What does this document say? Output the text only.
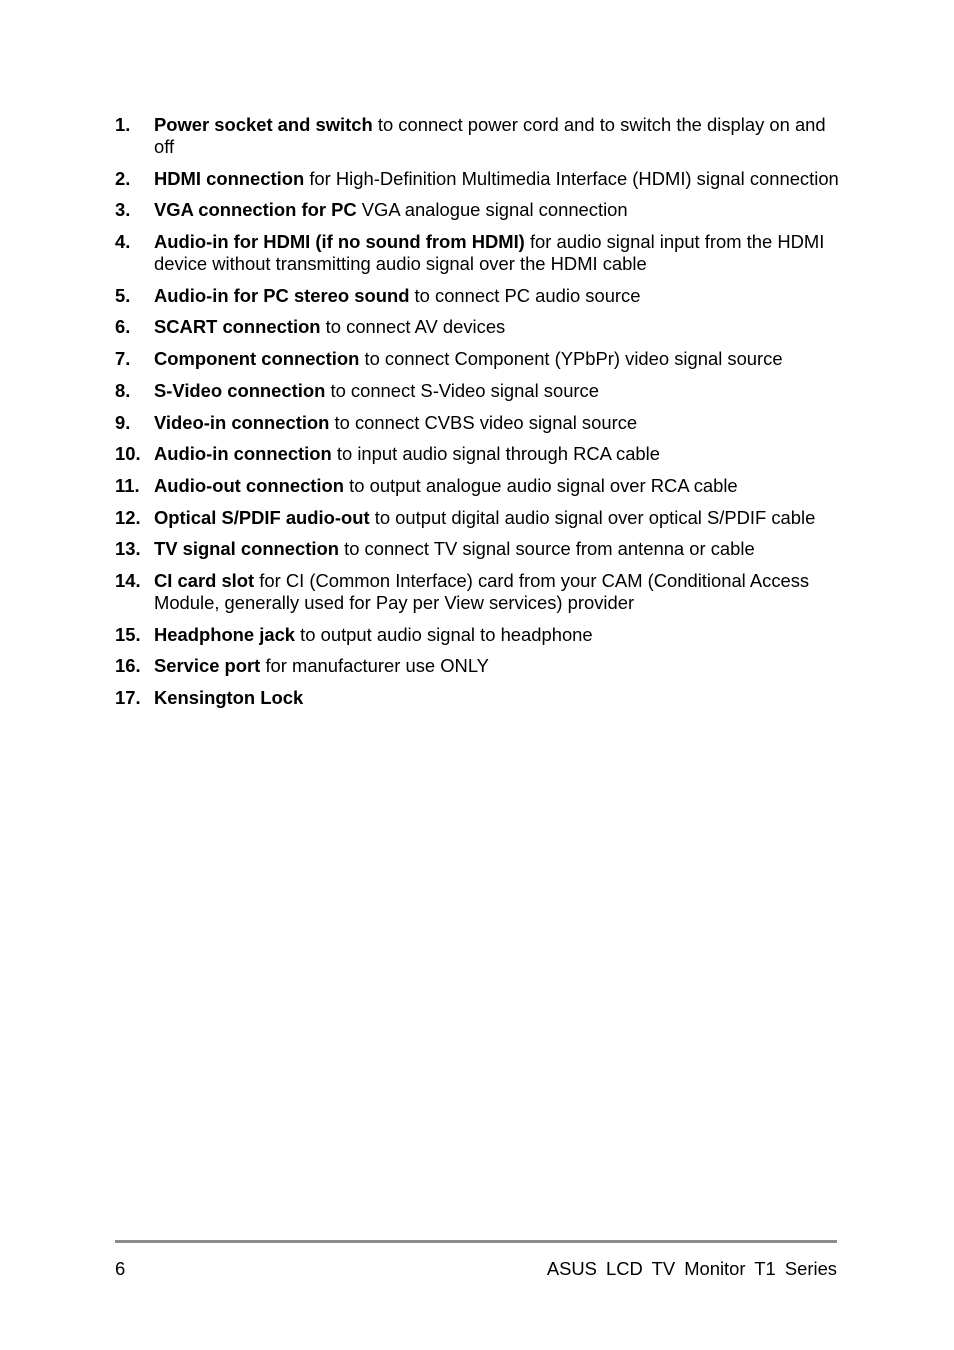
1. Power socket and switch to connect power cord and to switch the display on and off
2. HDMI connection for High-Definition Multimedia Interface (HDMI) signal connection
3. VGA connection for PC VGA analogue signal connection
4. Audio-in for HDMI (if no sound from HDMI) for audio signal input from the HDMI device without transmitting audio signal over the HDMI cable
5. Audio-in for PC stereo sound to connect PC audio source
6. SCART connection to connect AV devices
7. Component connection to connect Component (YPbPr) video signal source
8. S-Video connection to connect S-Video signal source
9. Video-in connection to connect CVBS video signal source
10. Audio-in connection to input audio signal through RCA cable
11. Audio-out connection to output analogue audio signal over RCA cable
12. Optical S/PDIF audio-out to output digital audio signal over optical S/PDIF cable
13. TV signal connection to connect TV signal source from antenna or cable
14. CI card slot for CI (Common Interface) card from your CAM (Conditional Access Module, generally used for Pay per View services) provider
15. Headphone jack to output audio signal to headphone
16. Service port for manufacturer use ONLY
17. Kensington Lock
6	ASUS LCD TV Monitor T1 Series
